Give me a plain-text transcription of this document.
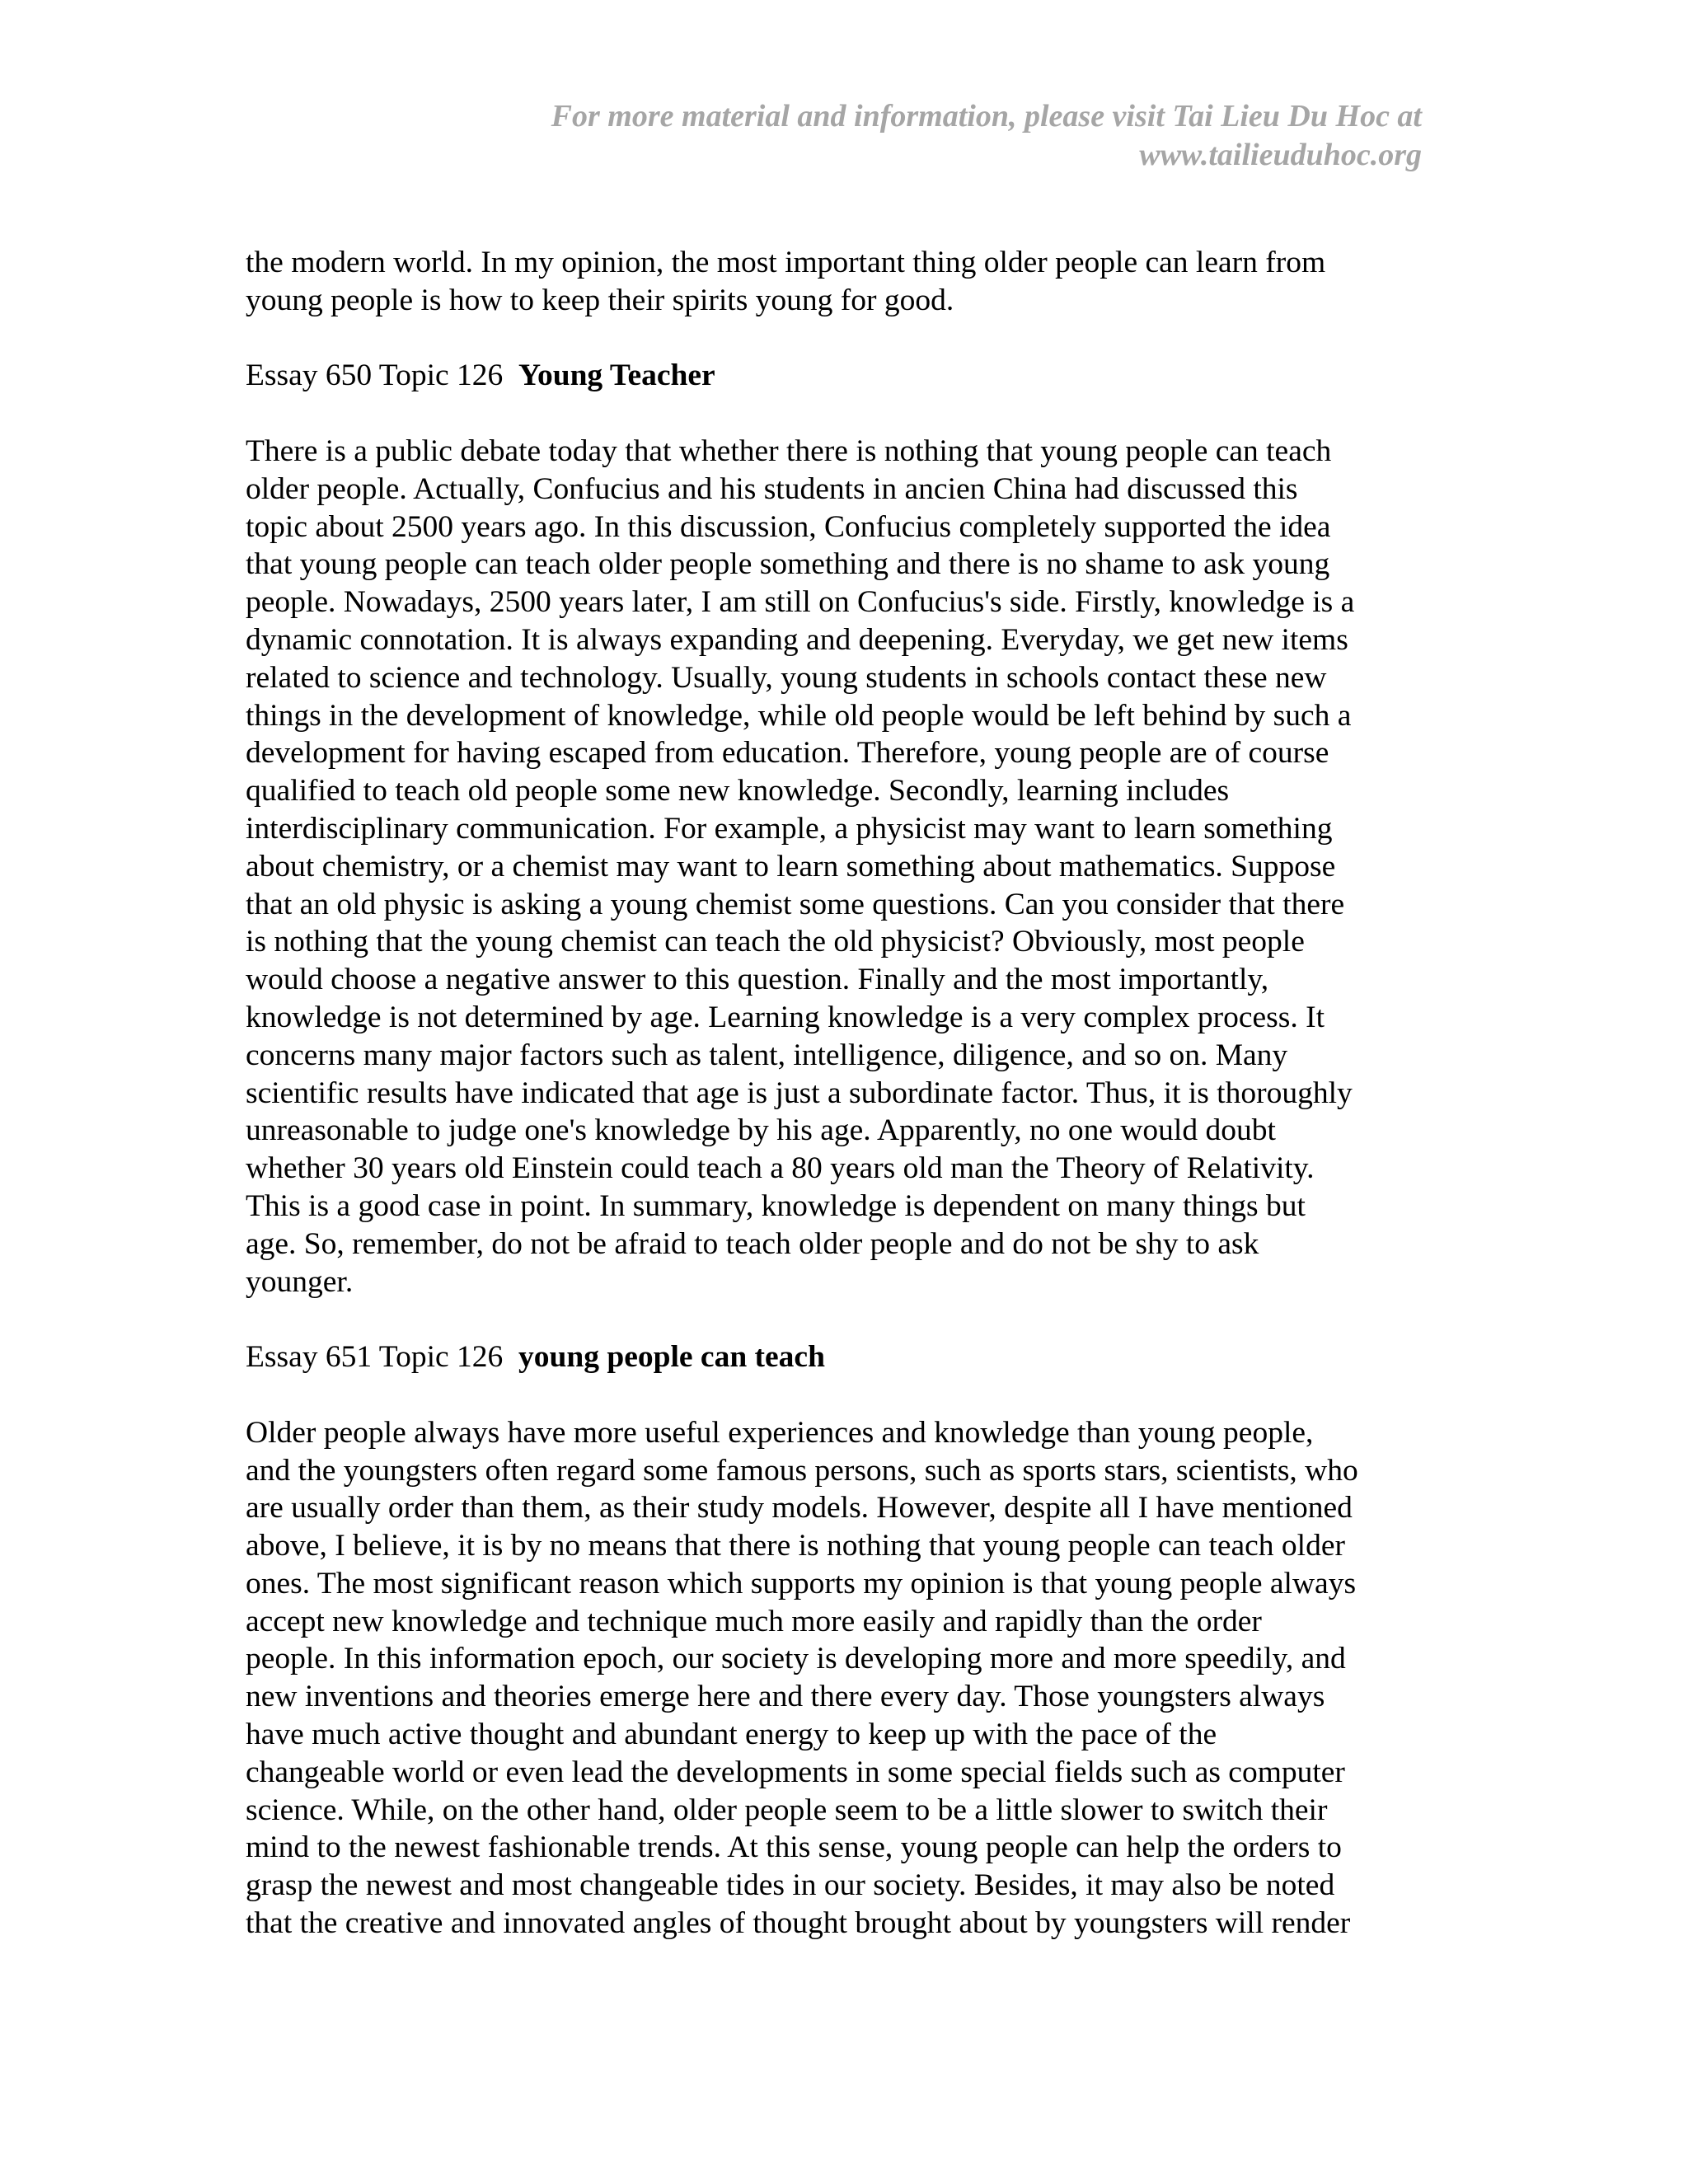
For more material and information, please visit Tai Lieu Du Hoc at
www.tailieuduhoc.org
the modern world. In my opinion, the most important thing older people can learn from
young people is how to keep their spirits young for good.
Essay 650 Topic 126  Young Teacher
There is a public debate today that whether there is nothing that young people can teach
older people. Actually, Confucius and his students in ancien China had discussed this
topic about 2500 years ago. In this discussion, Confucius completely supported the idea
that young people can teach older people something and there is no shame to ask young
people. Nowadays, 2500 years later, I am still on Confucius's side. Firstly, knowledge is a
dynamic connotation. It is always expanding and deepening. Everyday, we get new items
related to science and technology. Usually, young students in schools contact these new
things in the development of knowledge, while old people would be left behind by such a
development for having escaped from education. Therefore, young people are of course
qualified to teach old people some new knowledge. Secondly, learning includes
interdisciplinary communication. For example, a physicist may want to learn something
about chemistry, or a chemist may want to learn something about mathematics. Suppose
that an old physic is asking a young chemist some questions. Can you consider that there
is nothing that the young chemist can teach the old physicist? Obviously, most people
would choose a negative answer to this question. Finally and the most importantly,
knowledge is not determined by age. Learning knowledge is a very complex process. It
concerns many major factors such as talent, intelligence, diligence, and so on. Many
scientific results have indicated that age is just a subordinate factor. Thus, it is thoroughly
unreasonable to judge one's knowledge by his age. Apparently, no one would doubt
whether 30 years old Einstein could teach a 80 years old man the Theory of Relativity.
This is a good case in point. In summary, knowledge is dependent on many things but
age. So, remember, do not be afraid to teach older people and do not be shy to ask
younger.
Essay 651 Topic 126  young people can teach
Older people always have more useful experiences and knowledge than young people,
and the youngsters often regard some famous persons, such as sports stars, scientists, who
are usually order than them, as their study models. However, despite all I have mentioned
above, I believe, it is by no means that there is nothing that young people can teach older
ones. The most significant reason which supports my opinion is that young people always
accept new knowledge and technique much more easily and rapidly than the order
people. In this information epoch, our society is developing more and more speedily, and
new inventions and theories emerge here and there every day. Those youngsters always
have much active thought and abundant energy to keep up with the pace of the
changeable world or even lead the developments in some special fields such as computer
science. While, on the other hand, older people seem to be a little slower to switch their
mind to the newest fashionable trends. At this sense, young people can help the orders to
grasp the newest and most changeable tides in our society. Besides, it may also be noted
that the creative and innovated angles of thought brought about by youngsters will render
